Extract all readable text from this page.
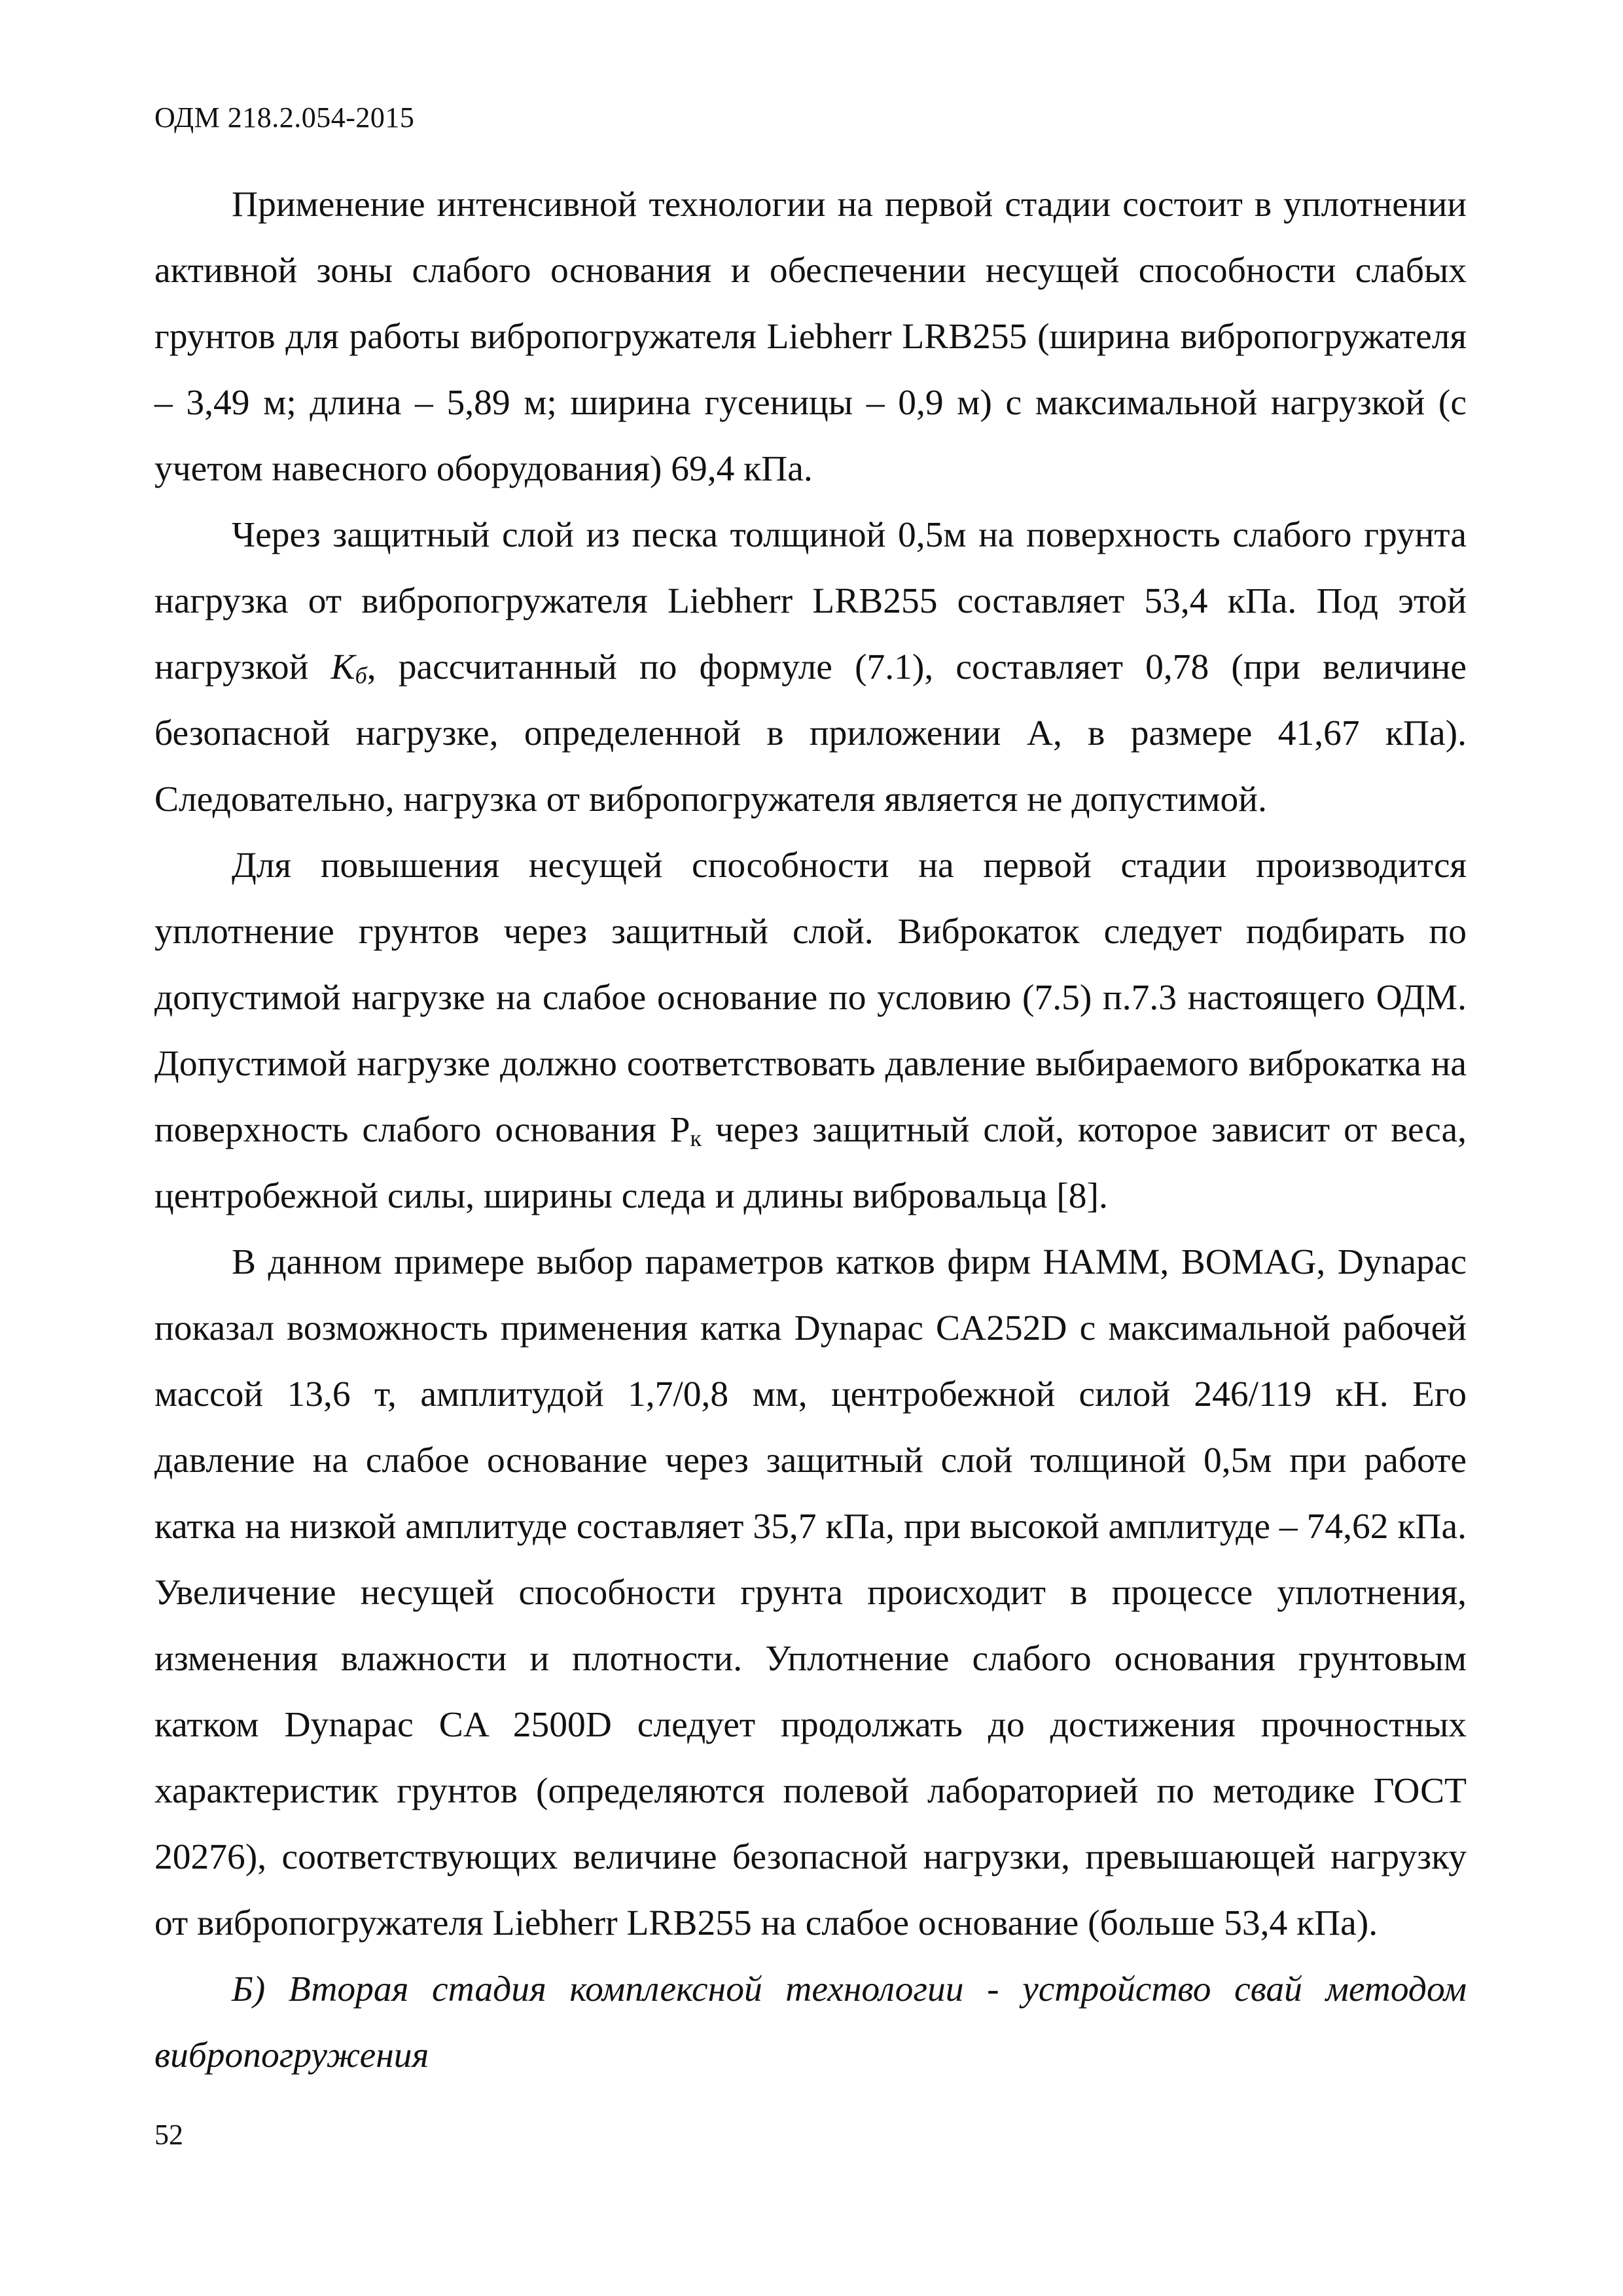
ОДМ 218.2.054-2015

Применение интенсивной технологии на первой стадии состоит в уплотнении активной зоны слабого основания и обеспечении несущей способности слабых грунтов для работы вибропогружателя Liebherr LRB255 (ширина вибропогружателя – 3,49 м; длина – 5,89 м; ширина гусеницы – 0,9 м) с максимальной нагрузкой (с учетом навесного оборудования) 69,4 кПа.

Через защитный слой из песка толщиной 0,5м на поверхность слабого грунта нагрузка от вибропогружателя Liebherr LRB255 составляет 53,4 кПа. Под этой нагрузкой $K_б$, рассчитанный по формуле (7.1), составляет 0,78 (при величине безопасной нагрузке, определенной в приложении А, в размере 41,67 кПа). Следовательно, нагрузка от вибропогружателя является не допустимой.

Для повышения несущей способности на первой стадии производится уплотнение грунтов через защитный слой. Виброкаток следует подбирать по допустимой нагрузке на слабое основание по условию (7.5) п.7.3 настоящего ОДМ. Допустимой нагрузке должно соответствовать давление выбираемого виброкатка на поверхность слабого основания $Р_к$ через защитный слой, которое зависит от веса, центробежной силы, ширины следа и длины вибровальца [8].

В данном примере выбор параметров катков фирм HAMM, BOMAG, Dynapac показал возможность применения катка Dynapac CA252D с максимальной рабочей массой 13,6 т, амплитудой 1,7/0,8 мм, центробежной силой 246/119 кН. Его давление на слабое основание через защитный слой толщиной 0,5м при работе катка на низкой амплитуде составляет 35,7 кПа, при высокой амплитуде – 74,62 кПа. Увеличение несущей способности грунта происходит в процессе уплотнения, изменения влажности и плотности. Уплотнение слабого основания грунтовым катком Dynapac CA 2500D следует продолжать до достижения прочностных характеристик грунтов (определяются полевой лабораторией по методике ГОСТ 20276), соответствующих величине безопасной нагрузки, превышающей нагрузку от вибропогружателя Liebherr LRB255 на слабое основание (больше 53,4 кПа).

Б) Вторая стадия комплексной технологии - устройство свай методом вибропогружения

52
